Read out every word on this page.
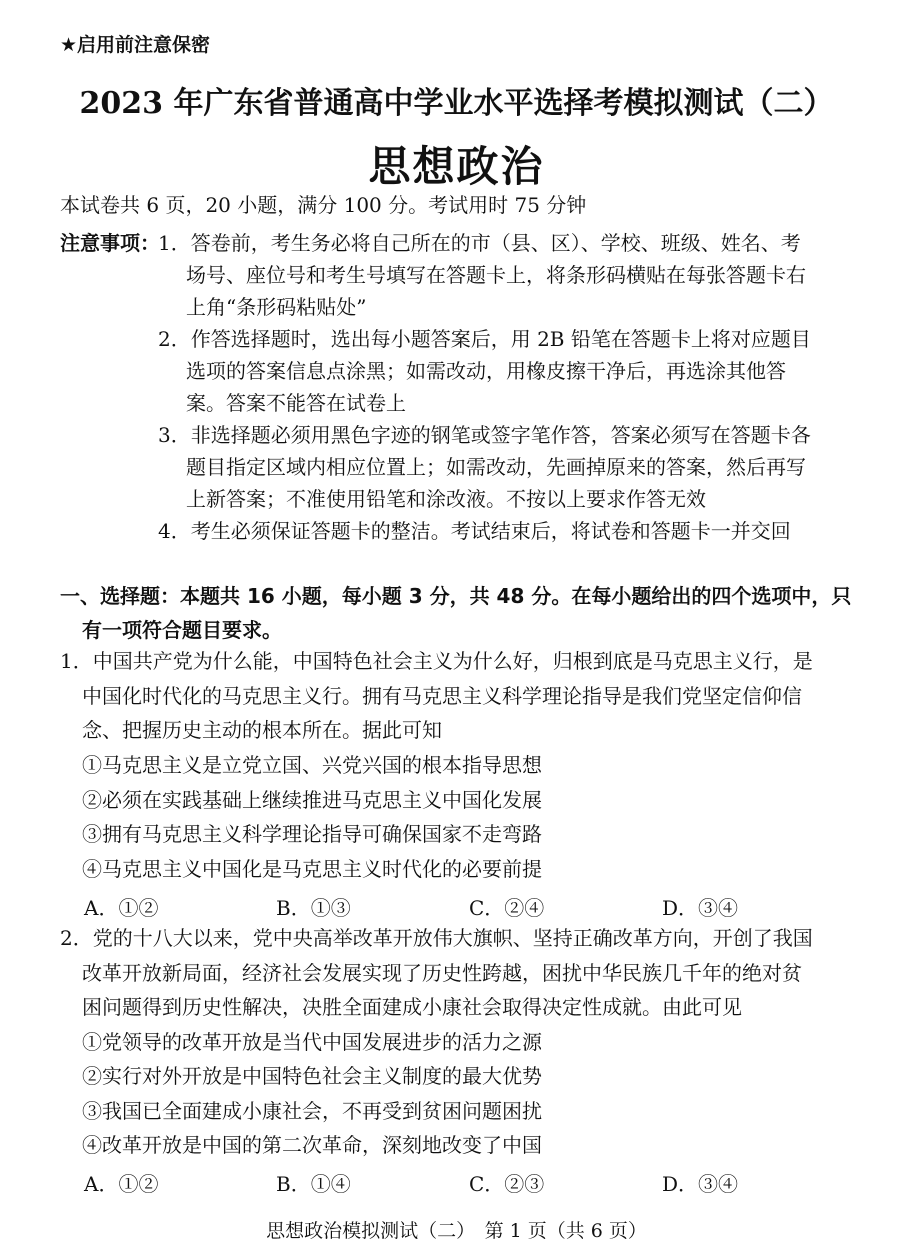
★启用前注意保密
2023 年广东省普通高中学业水平选择考模拟测试（二）
思想政治
本试卷共 6 页，20 小题，满分 100 分。考试用时 75 分钟
注意事项：
1．答卷前，考生务必将自己所在的市（县、区）、学校、班级、姓名、考
场号、座位号和考生号填写在答题卡上，将条形码横贴在每张答题卡右
上角“条形码粘贴处”
2．作答选择题时，选出每小题答案后，用 2B 铅笔在答题卡上将对应题目
选项的答案信息点涂黑；如需改动，用橡皮擦干净后，再选涂其他答
案。答案不能答在试卷上
3．非选择题必须用黑色字迹的钢笔或签字笔作答，答案必须写在答题卡各
题目指定区域内相应位置上；如需改动，先画掉原来的答案，然后再写
上新答案；不准使用铅笔和涂改液。不按以上要求作答无效
4．考生必须保证答题卡的整洁。考试结束后，将试卷和答题卡一并交回
一、选择题：本题共 16 小题，每小题 3 分，共 48 分。在每小题给出的四个选项中，只
有一项符合题目要求。
1．中国共产党为什么能，中国特色社会主义为什么好，归根到底是马克思主义行，是
中国化时代化的马克思主义行。拥有马克思主义科学理论指导是我们党坚定信仰信
念、把握历史主动的根本所在。据此可知
①马克思主义是立党立国、兴党兴国的根本指导思想
②必须在实践基础上继续推进马克思主义中国化发展
③拥有马克思主义科学理论指导可确保国家不走弯路
④马克思主义中国化是马克思主义时代化的必要前提
A．①②	B．①③	C．②④	D．③④
2．党的十八大以来，党中央高举改革开放伟大旗帜、坚持正确改革方向，开创了我国
改革开放新局面，经济社会发展实现了历史性跨越，困扰中华民族几千年的绝对贫
困问题得到历史性解决，决胜全面建成小康社会取得决定性成就。由此可见
①党领导的改革开放是当代中国发展进步的活力之源
②实行对外开放是中国特色社会主义制度的最大优势
③我国已全面建成小康社会，不再受到贫困问题困扰
④改革开放是中国的第二次革命，深刻地改变了中国
A．①②	B．①④	C．②③	D．③④
思想政治模拟测试（二）　第 1 页（共 6 页）
